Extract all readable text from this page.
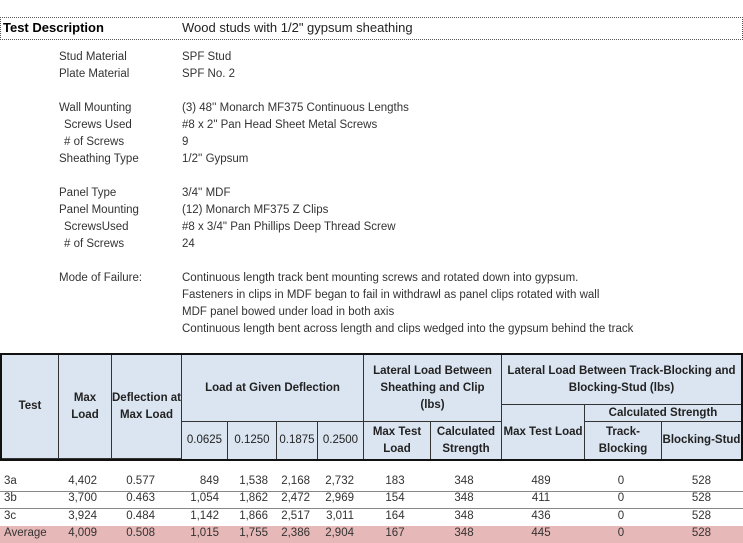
Test Description	Wood studs with 1/2" gypsum sheathing
Stud Material	SPF Stud
Plate Material	SPF No. 2
Wall Mounting	(3) 48'' Monarch MF375 Continuous Lengths
Screws Used	#8 x 2" Pan Head Sheet Metal Screws
# of Screws	9
Sheathing Type	1/2'' Gypsum
Panel Type	3/4'' MDF
Panel Mounting	(12) Monarch MF375 Z Clips
ScrewsUsed	#8 x 3/4" Pan Phillips Deep Thread Screw
# of Screws	24
Mode of Failure:	Continuous length track bent mounting screws and rotated down into gypsum.
Fasteners in clips in MDF began to fail in withdrawl as panel clips rotated with wall
MDF panel bowed under load in both axis
Continuous length bent across length and clips wedged into the gypsum behind the track
Test
Max Load
Deflection at Max Load
Load at Given Deflection
0.0625	0.1250 0.1875 0.2500
Lateral Load Between Sheathing and Clip (lbs)
Max Test Load
Calculated Strength
Lateral Load Between Track-Blocking and Blocking-Stud (lbs)
Max Test Load
Calculated Strength
Track-Blocking
Blocking-Stud
3a	4,402	0.577	849 1,538 2,168 2,732	183	348	489	0	528
3b	3,700	0.463	1,054 1,862 2,472 2,969	154	348	411	0	528
3c	3,924	0.484	1,142 1,866 2,517 3,011	164	348	436	0	528
Average 4,009	0.508	1,015 1,755 2,386 2,904	167	348	445	0	528
